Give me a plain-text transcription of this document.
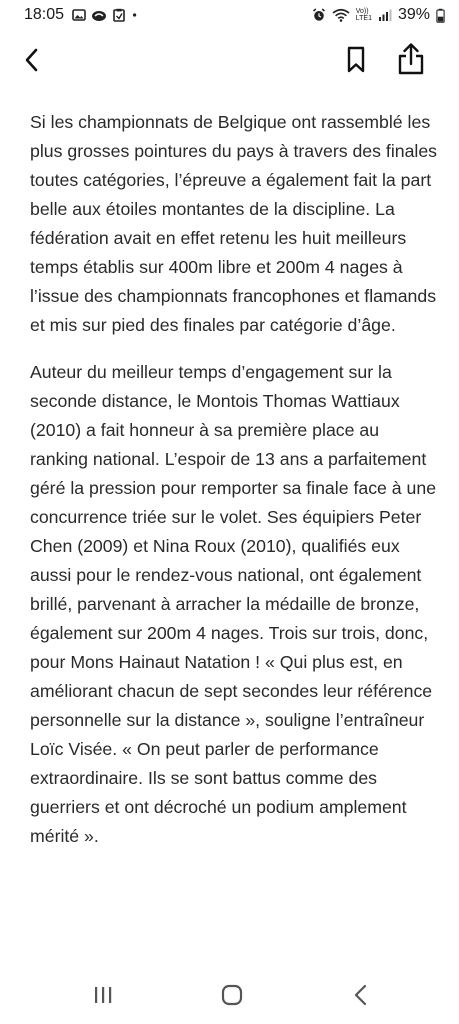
18:05	Vo))
LTE1 39%

Si les championnats de Belgique ont rassemblé les plus grosses pointures du pays à travers des finales toutes catégories, l’épreuve a également fait la part belle aux étoiles montantes de la discipline. La fédération avait en effet retenu les huit meilleurs temps établis sur 400m libre et 200m 4 nages à l’issue des championnats francophones et flamands et mis sur pied des finales par catégorie d’âge.

Auteur du meilleur temps d’engagement sur la seconde distance, le Montois Thomas Wattiaux (2010) a fait honneur à sa première place au ranking national. L’espoir de 13 ans a parfaitement géré la pression pour remporter sa finale face à une concurrence triée sur le volet. Ses équipiers Peter Chen (2009) et Nina Roux (2010), qualifiés eux aussi pour le rendez-vous national, ont également brillé, parvenant à arracher la médaille de bronze, également sur 200m 4 nages. Trois sur trois, donc, pour Mons Hainaut Natation ! « Qui plus est, en améliorant chacun de sept secondes leur référence personnelle sur la distance », souligne l’entraîneur Loïc Visée. « On peut parler de performance extraordinaire. Ils se sont battus comme des guerriers et ont décroché un podium amplement mérité ».
